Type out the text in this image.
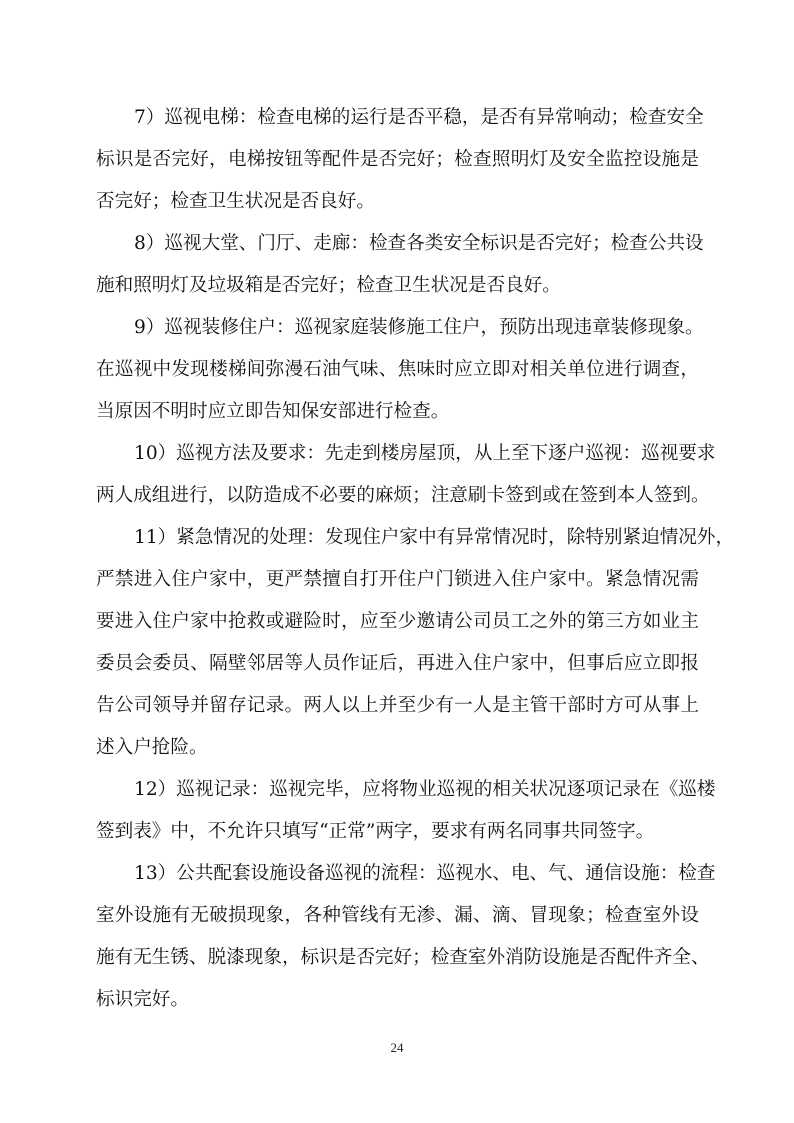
7）巡视电梯：检查电梯的运行是否平稳，是否有异常响动；检查安全
标识是否完好，电梯按钮等配件是否完好；检查照明灯及安全监控设施是
否完好；检查卫生状况是否良好。
8）巡视大堂、门厅、走廊：检查各类安全标识是否完好；检查公共设
施和照明灯及垃圾箱是否完好；检查卫生状况是否良好。
9）巡视装修住户：巡视家庭装修施工住户，预防出现违章装修现象。
在巡视中发现楼梯间弥漫石油气味、焦味时应立即对相关单位进行调查，
当原因不明时应立即告知保安部进行检查。
10）巡视方法及要求：先走到楼房屋顶，从上至下逐户巡视：巡视要求
两人成组进行，以防造成不必要的麻烦；注意刷卡签到或在签到本人签到。
11）紧急情况的处理：发现住户家中有异常情况时，除特别紧迫情况外，
严禁进入住户家中，更严禁擅自打开住户门锁进入住户家中。紧急情况需
要进入住户家中抢救或避险时，应至少邀请公司员工之外的第三方如业主
委员会委员、隔壁邻居等人员作证后，再进入住户家中，但事后应立即报
告公司领导并留存记录。两人以上并至少有一人是主管干部时方可从事上
述入户抢险。
12）巡视记录：巡视完毕，应将物业巡视的相关状况逐项记录在《巡楼
签到表》中，不允许只填写“正常”两字，要求有两名同事共同签字。
13）公共配套设施设备巡视的流程：巡视水、电、气、通信设施：检查
室外设施有无破损现象，各种管线有无渗、漏、滴、冒现象；检查室外设
施有无生锈、脱漆现象，标识是否完好；检查室外消防设施是否配件齐全、
标识完好。
24
